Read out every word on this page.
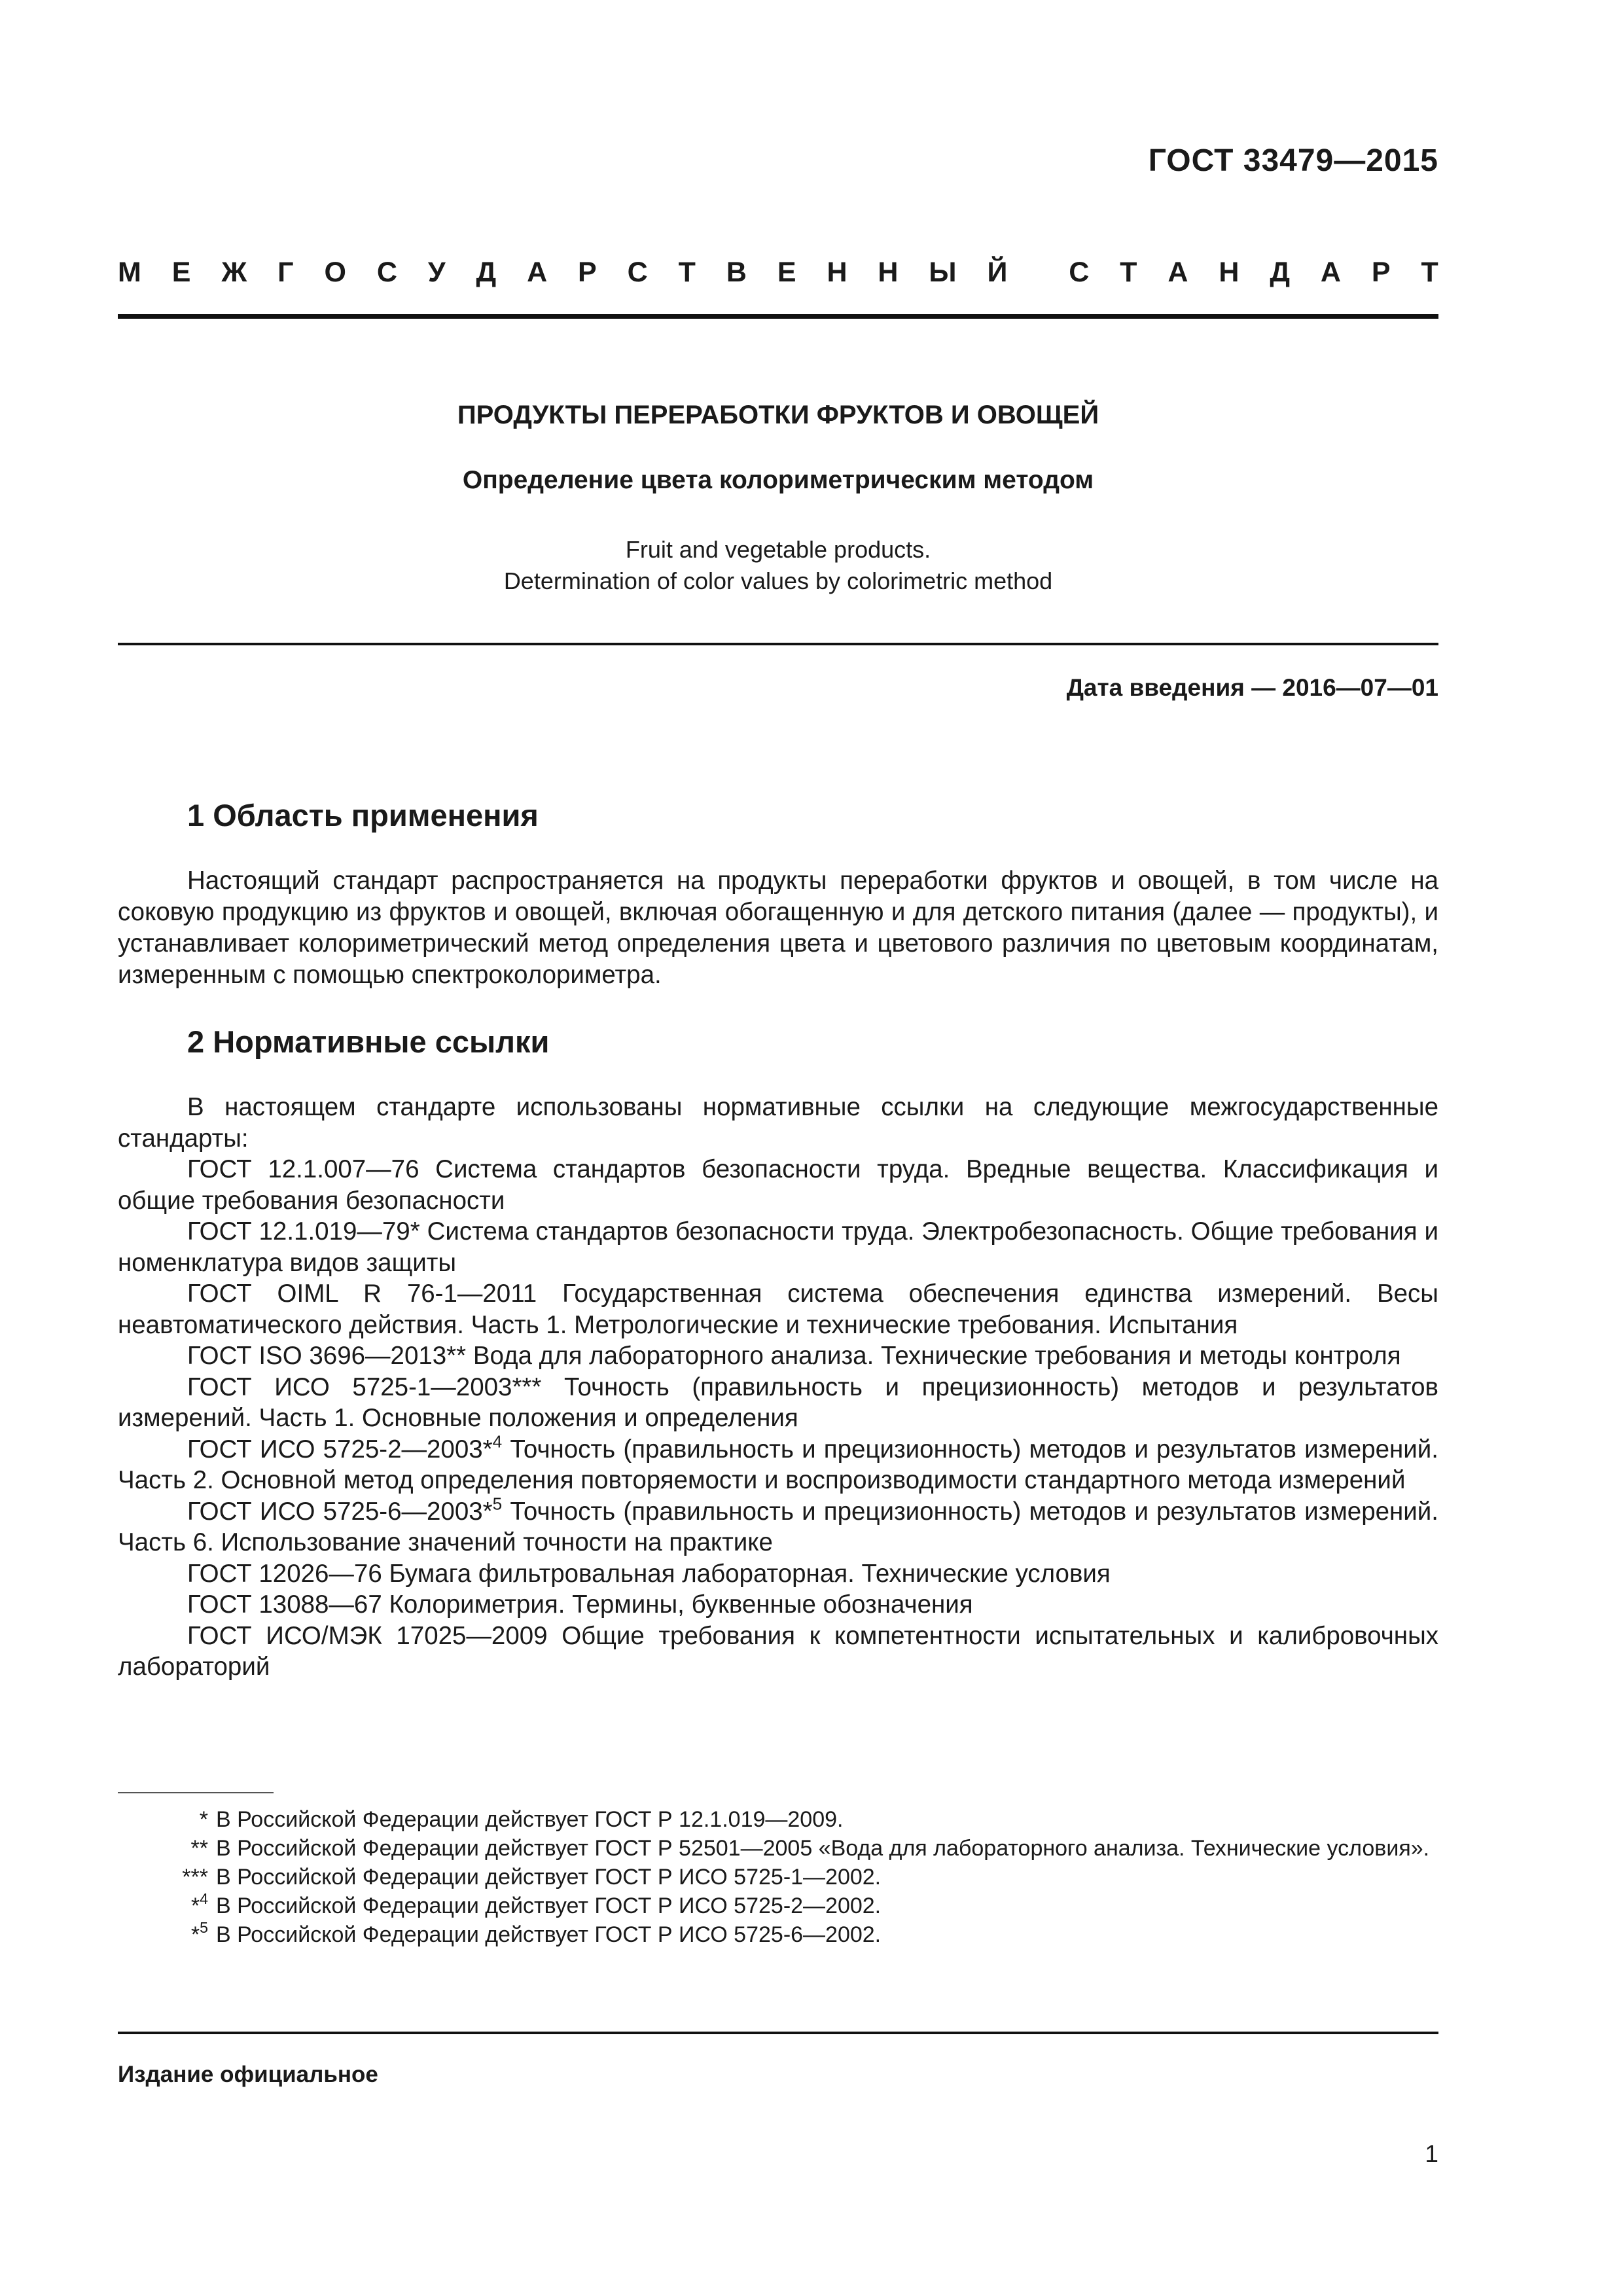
ГОСТ 33479—2015
М Е Ж Г О С У Д А Р С Т В Е Н Н Ы Й С Т А Н Д А Р Т
ПРОДУКТЫ ПЕРЕРАБОТКИ ФРУКТОВ И ОВОЩЕЙ
Определение цвета колориметрическим методом
Fruit and vegetable products.
Determination of color values by colorimetric method
Дата введения — 2016—07—01
1 Область применения

Настоящий стандарт распространяется на продукты переработки фруктов и овощей, в том числе на соковую продукцию из фруктов и овощей, включая обогащенную и для детского питания (далее — продукты), и устанавливает колориметрический метод определения цвета и цветового различия по цветовым координатам, измеренным с помощью спектроколориметра.

2 Нормативные ссылки

В настоящем стандарте использованы нормативные ссылки на следующие межгосударственные стандарты:

ГОСТ 12.1.007—76 Система стандартов безопасности труда. Вредные вещества. Классификация и общие требования безопасности

ГОСТ 12.1.019—79* Система стандартов безопасности труда. Электробезопасность. Общие требования и номенклатура видов защиты

ГОСТ OIML R 76-1—2011 Государственная система обеспечения единства измерений. Весы неавтоматического действия. Часть 1. Метрологические и технические требования. Испытания

ГОСТ ISO 3696—2013** Вода для лабораторного анализа. Технические требования и методы контроля

ГОСТ ИСО 5725-1—2003*** Точность (правильность и прецизионность) методов и результатов измерений. Часть 1. Основные положения и определения

ГОСТ ИСО 5725-2—2003*$^4$ Точность (правильность и прецизионность) методов и результатов измерений. Часть 2. Основной метод определения повторяемости и воспроизводимости стандартного метода измерений

ГОСТ ИСО 5725-6—2003*$^5$ Точность (правильность и прецизионность) методов и результатов измерений. Часть 6. Использование значений точности на практике

ГОСТ 12026—76 Бумага фильтровальная лабораторная. Технические условия

ГОСТ 13088—67 Колориметрия. Термины, буквенные обозначения

ГОСТ ИСО/МЭК 17025—2009 Общие требования к компетентности испытательных и калибровочных лабораторий

* В Российской Федерации действует ГОСТ Р 12.1.019—2009.

** В Российской Федерации действует ГОСТ Р 52501—2005 «Вода для лабораторного анализа. Технические условия».

*** В Российской Федерации действует ГОСТ Р ИСО 5725-1—2002.

*$^4$ В Российской Федерации действует ГОСТ Р ИСО 5725-2—2002.

*$^5$ В Российской Федерации действует ГОСТ Р ИСО 5725-6—2002.

Издание официальное
1
